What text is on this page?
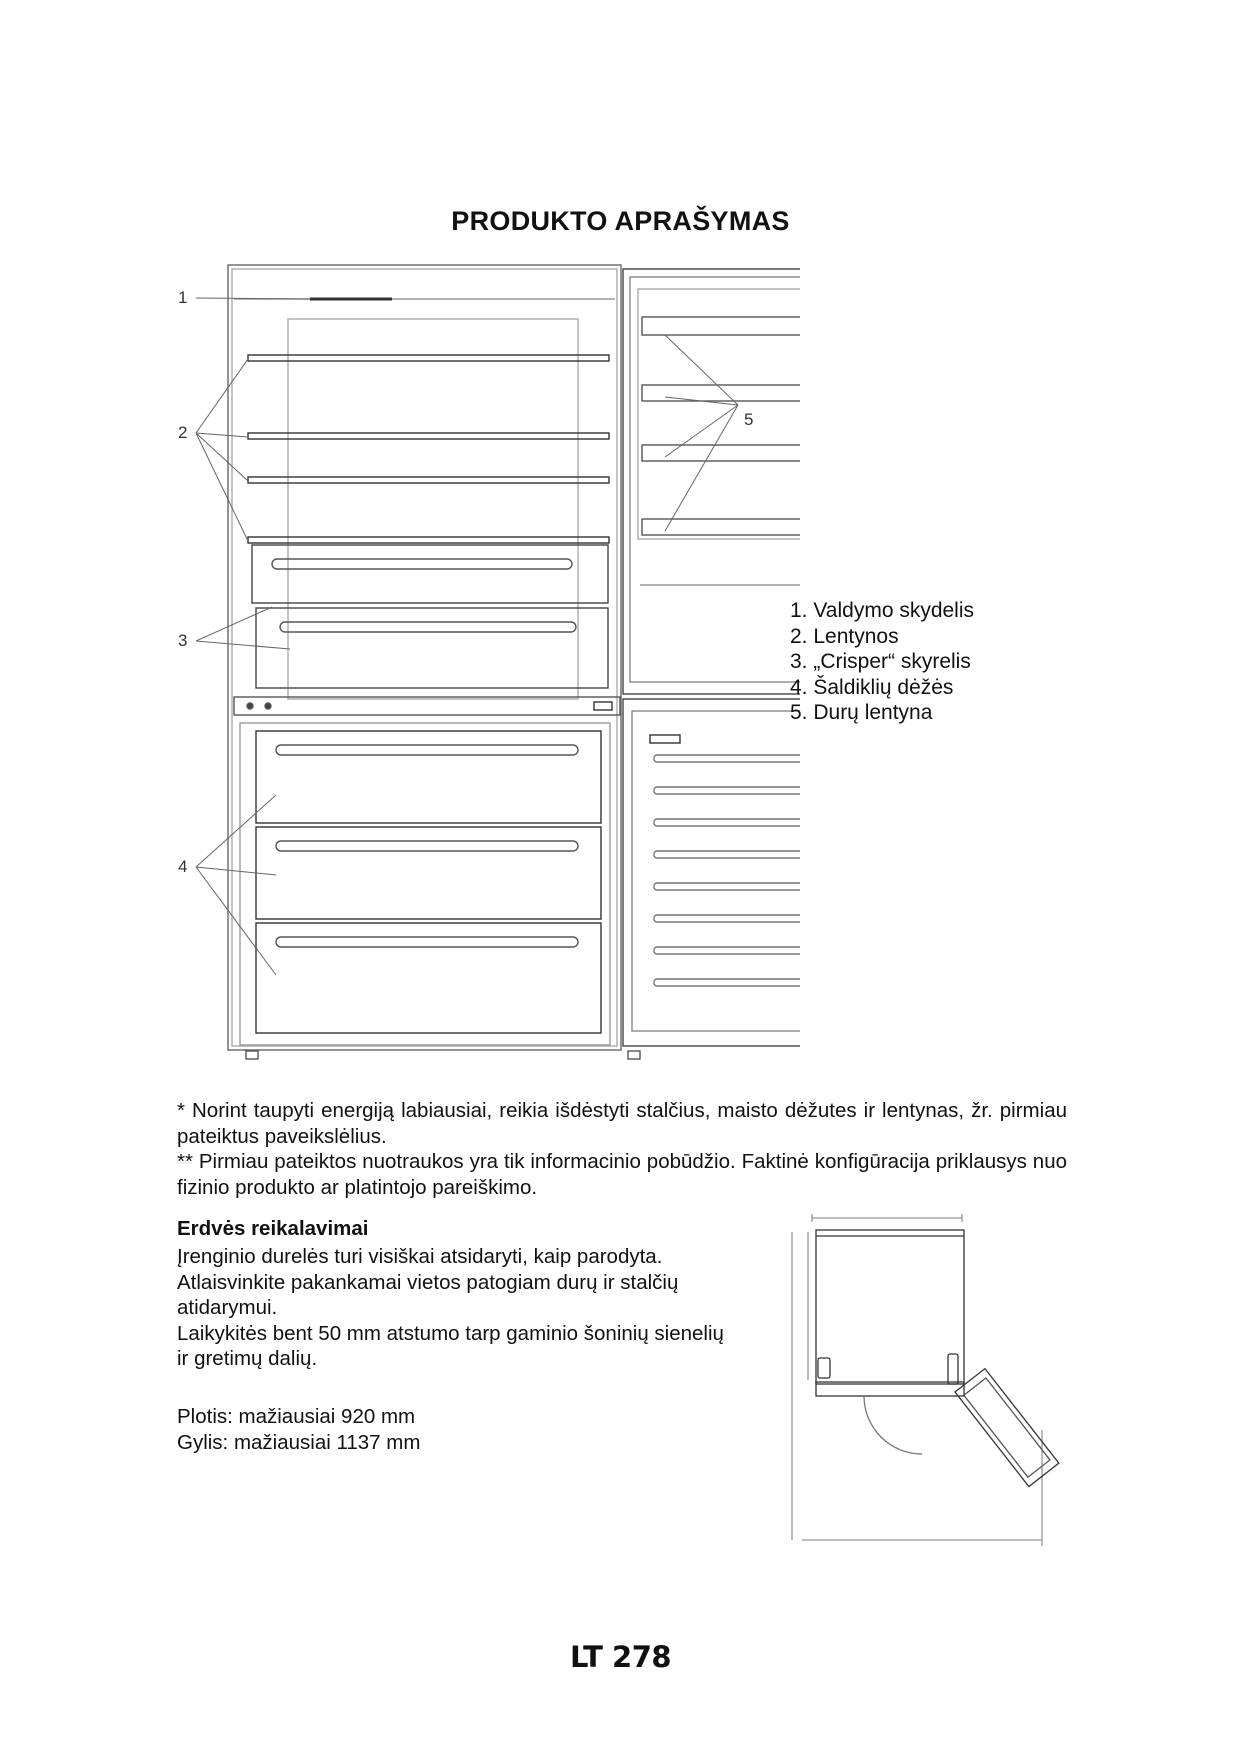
PRODUKTO APRAŠYMAS
1
2
3
4
5
1. Valdymo skydelis
2. Lentynos
3. „Crisper“ skyrelis
4. Šaldiklių dėžės
5. Durų lentyna

* Norint taupyti energiją labiausiai, reikia išdėstyti stalčius, maisto dėžutes ir lentynas, žr. pirmiau pateiktus paveikslėlius.

** Pirmiau pateiktos nuotraukos yra tik informacinio pobūdžio. Faktinė konfigūracija priklausys nuo fizinio produkto ar platintojo pareiškimo.

Erdvės reikalavimai

Įrenginio durelės turi visiškai atsidaryti, kaip parodyta.

Atlaisvinkite pakankamai vietos patogiam durų ir stalčių atidarymui.

Laikykitės bent 50 mm atstumo tarp gaminio šoninių sienelių ir gretimų dalių.

Plotis: mažiausiai 920 mm

Gylis: mažiausiai 1137 mm

LT 278
